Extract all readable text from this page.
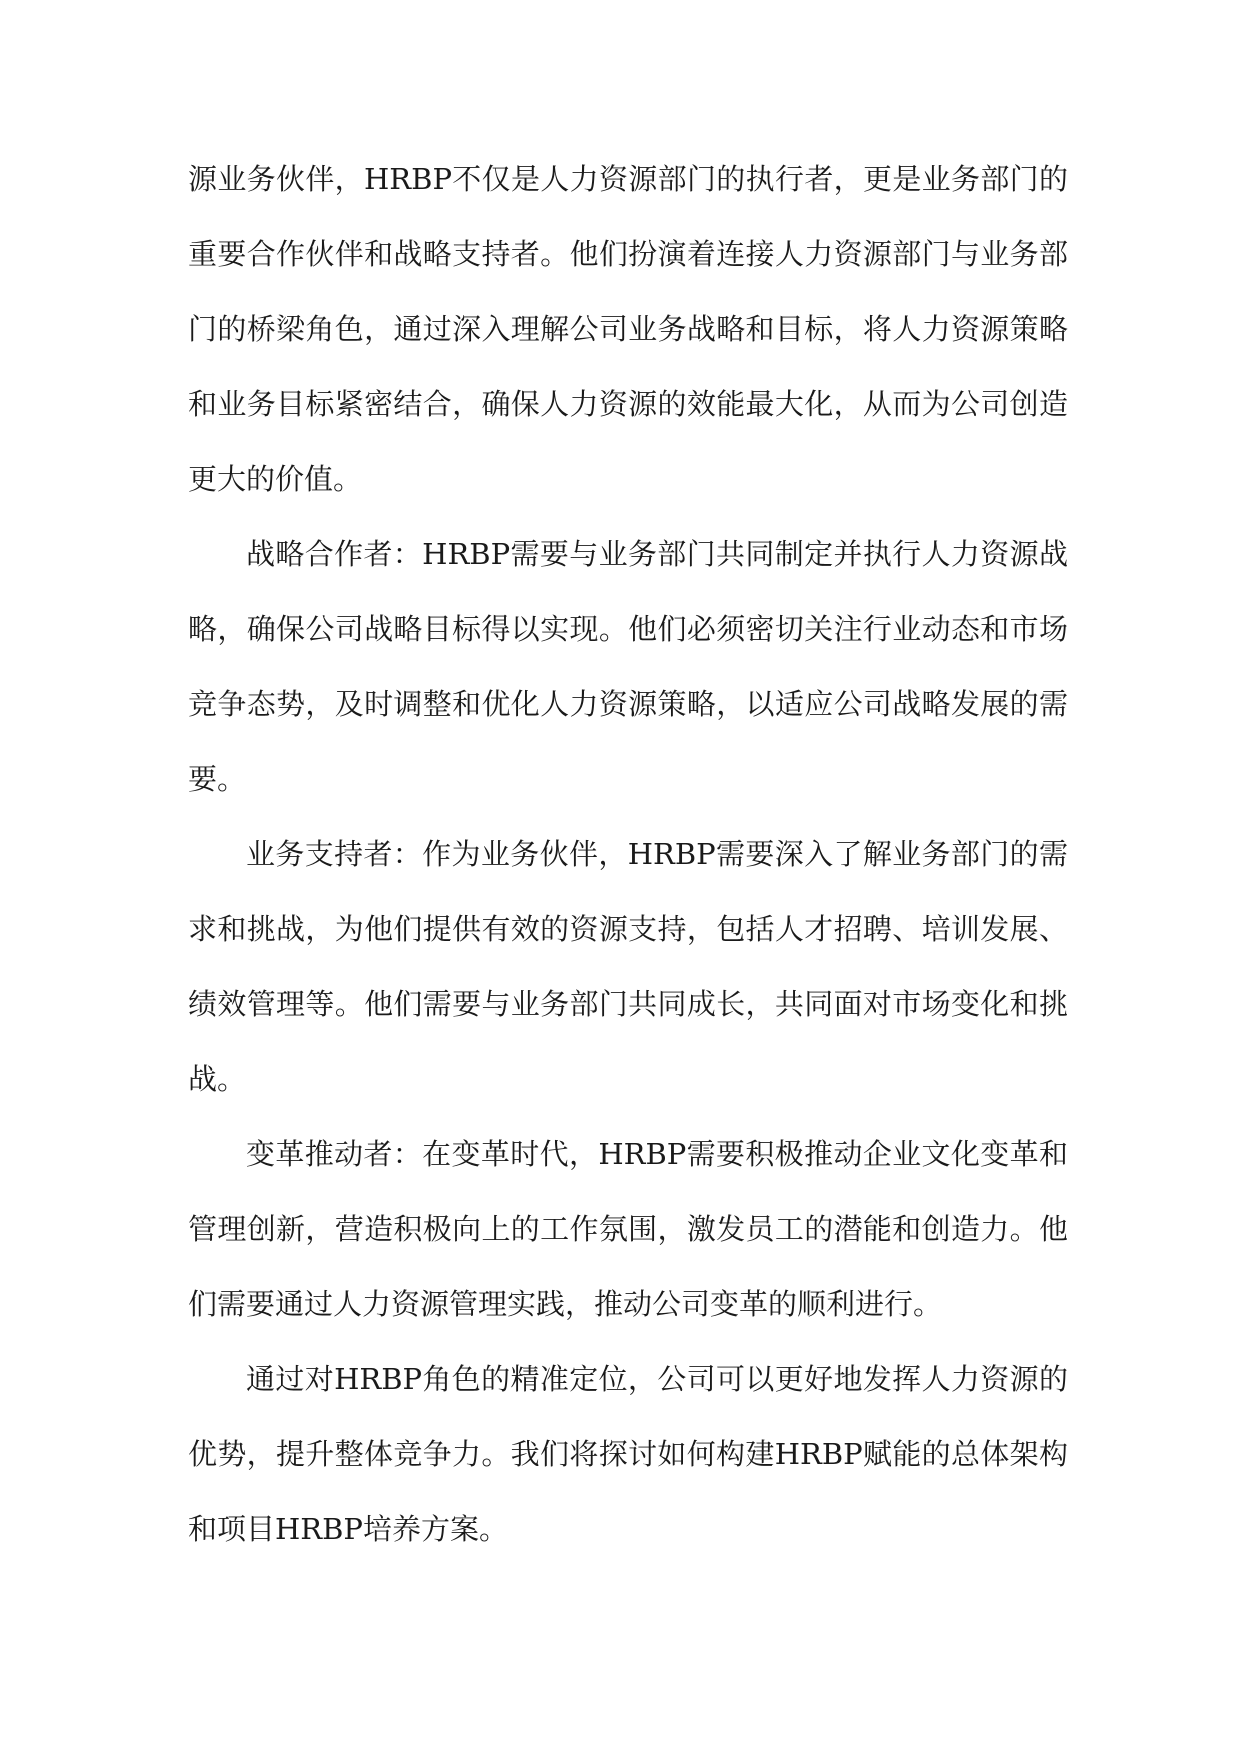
源业务伙伴，HRBP不仅是人力资源部门的执行者，更是业务部门的重要合作伙伴和战略支持者。他们扮演着连接人力资源部门与业务部门的桥梁角色，通过深入理解公司业务战略和目标，将人力资源策略和业务目标紧密结合，确保人力资源的效能最大化，从而为公司创造更大的价值。

战略合作者：HRBP需要与业务部门共同制定并执行人力资源战略，确保公司战略目标得以实现。他们必须密切关注行业动态和市场竞争态势，及时调整和优化人力资源策略，以适应公司战略发展的需要。

业务支持者：作为业务伙伴，HRBP需要深入了解业务部门的需求和挑战，为他们提供有效的资源支持，包括人才招聘、培训发展、绩效管理等。他们需要与业务部门共同成长，共同面对市场变化和挑战。

变革推动者：在变革时代，HRBP需要积极推动企业文化变革和管理创新，营造积极向上的工作氛围，激发员工的潜能和创造力。他们需要通过人力资源管理实践，推动公司变革的顺利进行。

通过对HRBP角色的精准定位，公司可以更好地发挥人力资源的优势，提升整体竞争力。我们将探讨如何构建HRBP赋能的总体架构和项目HRBP培养方案。
